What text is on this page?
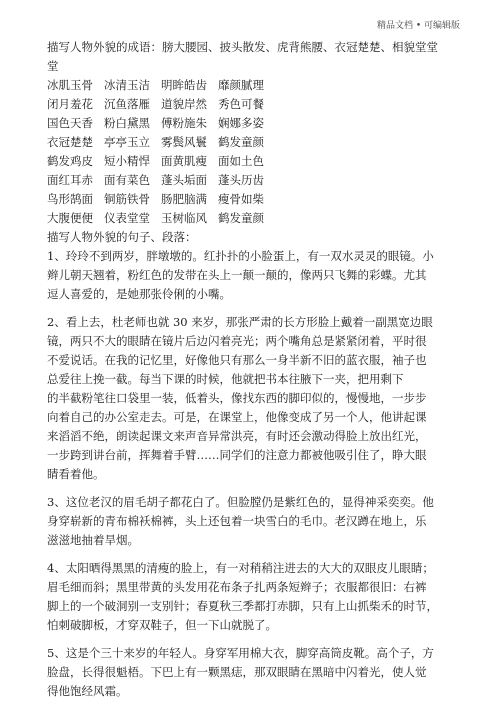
精品文档 • 可编辑版
描写人物外貌的成语：膀大腰园、披头散发、虎背熊腰、衣冠楚楚、相貌堂堂
堂
冰肌玉骨 冰清玉洁 明眸皓齿 靡颜腻理
闭月羞花 沉鱼落雁 道貌岸然 秀色可餐
国色天香 粉白黛黑 傅粉施朱 娴娜多姿
衣冠楚楚 亭亭玉立 雾鬓风鬟 鹤发童颜
鹤发鸡皮 短小精悍 面黄肌瘦 面如土色
面红耳赤 面有菜色 蓬头垢面 蓬头历齿
鸟形鹄面 铜筋铁骨 肠肥脑满 瘦骨如柴
大腹便便 仪表堂堂 玉树临风 鹤发童颜
描写人物外貌的句子、段落：
1、玲玲不到两岁，胖墩墩的。红扑扑的小脸蛋上，有一双水灵灵的眼镜。小
辫儿朝天翘着，粉红色的发带在头上一颠一颠的，像两只飞舞的彩蝶。尤其
逗人喜爱的，是她那张伶俐的小嘴。
2、看上去，杜老师也就 30 来岁，那张严肃的长方形脸上戴着一副黑宽边眼
镜，两只不大的眼睛在镜片后边闪着亮光；两个嘴角总是紧紧闭着，平时很
不爱说话。在我的记忆里，好像他只有那么一身半新不旧的蓝衣服，袖子也
总爱往上挽一截。每当下课的时候，他就把书本往腋下一夹，把用剩下
的半截粉笔往口袋里一装，低着头，像找东西的脚印似的，慢慢地，一步步
向着自己的办公室走去。可是，在课堂上，他像变成了另一个人，他讲起课
来滔滔不绝，朗读起课文来声音异常洪亮，有时还会激动得脸上放出红光，
一步跨到讲台前，挥舞着手臂……同学们的注意力都被他吸引住了，睁大眼
睛看着他。
3、这位老汉的眉毛胡子都花白了。但脸膛仍是紫红色的，显得神采奕奕。他
身穿崭新的青布棉袄棉裤，头上还包着一块雪白的毛巾。老汉蹲在地上，乐
滋滋地抽着旱烟。
4、太阳晒得黑黑的清瘦的脸上，有一对稍稍注进去的大大的双眼皮儿眼睛；
眉毛细而斜；黑里带黄的头发用花布条子扎两条短辫子；衣服都很旧：右裤
脚上的一个破洞别一支别针；春夏秋三季都打赤脚，只有上山抓柴禾的时节，
怕刺破脚板，才穿双鞋子，但一下山就脱了。
5、这是个三十来岁的年轻人。身穿军用棉大衣，脚穿高筒皮靴。高个子，方
脸盘，长得很魁梧。下巴上有一颗黑痣，那双眼睛在黑暗中闪着光，使人觉
得他饱经风霜。
